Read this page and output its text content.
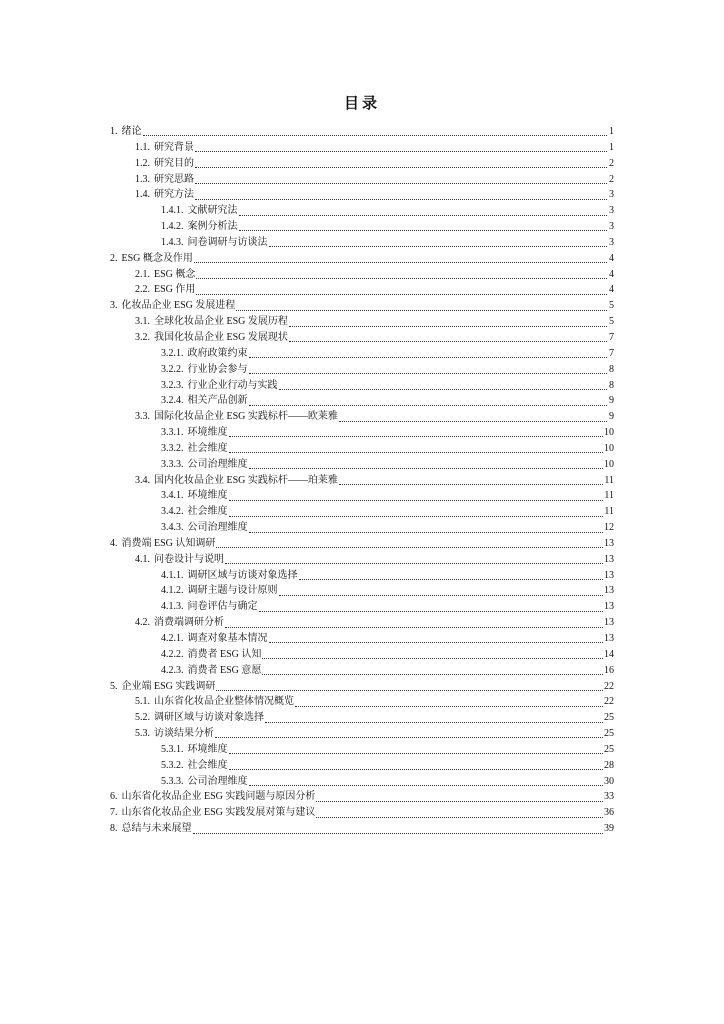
目录
1. 绪论	1
1.1. 研究背景	1
1.2. 研究目的	2
1.3. 研究思路	2
1.4. 研究方法	3
1.4.1. 文献研究法	3
1.4.2. 案例分析法	3
1.4.3. 问卷调研与访谈法	3
2. ESG 概念及作用	4
2.1. ESG 概念	4
2.2. ESG 作用	4
3. 化妆品企业 ESG 发展进程	5
3.1. 全球化妆品企业 ESG 发展历程	5
3.2. 我国化妆品企业 ESG 发展现状	7
3.2.1. 政府政策约束	7
3.2.2. 行业协会参与	8
3.2.3. 行业企业行动与实践	8
3.2.4. 相关产品创新	9
3.3. 国际化妆品企业 ESG 实践标杆——欧莱雅	9
3.3.1. 环境维度	10
3.3.2. 社会维度	10
3.3.3. 公司治理维度	10
3.4. 国内化妆品企业 ESG 实践标杆——珀莱雅	11
3.4.1. 环境维度	11
3.4.2. 社会维度	11
3.4.3. 公司治理维度	12
4. 消费端 ESG 认知调研	13
4.1. 问卷设计与说明	13
4.1.1. 调研区域与访谈对象选择	13
4.1.2. 调研主题与设计原则	13
4.1.3. 问卷评估与确定	13
4.2. 消费端调研分析	13
4.2.1. 调查对象基本情况	13
4.2.2. 消费者 ESG 认知	14
4.2.3. 消费者 ESG 意愿	16
5. 企业端 ESG 实践调研	22
5.1. 山东省化妆品企业整体情况概览	22
5.2. 调研区域与访谈对象选择	25
5.3. 访谈结果分析	25
5.3.1. 环境维度	25
5.3.2. 社会维度	28
5.3.3. 公司治理维度	30
6. 山东省化妆品企业 ESG 实践问题与原因分析	33
7. 山东省化妆品企业 ESG 实践发展对策与建议	36
8. 总结与未来展望	39
